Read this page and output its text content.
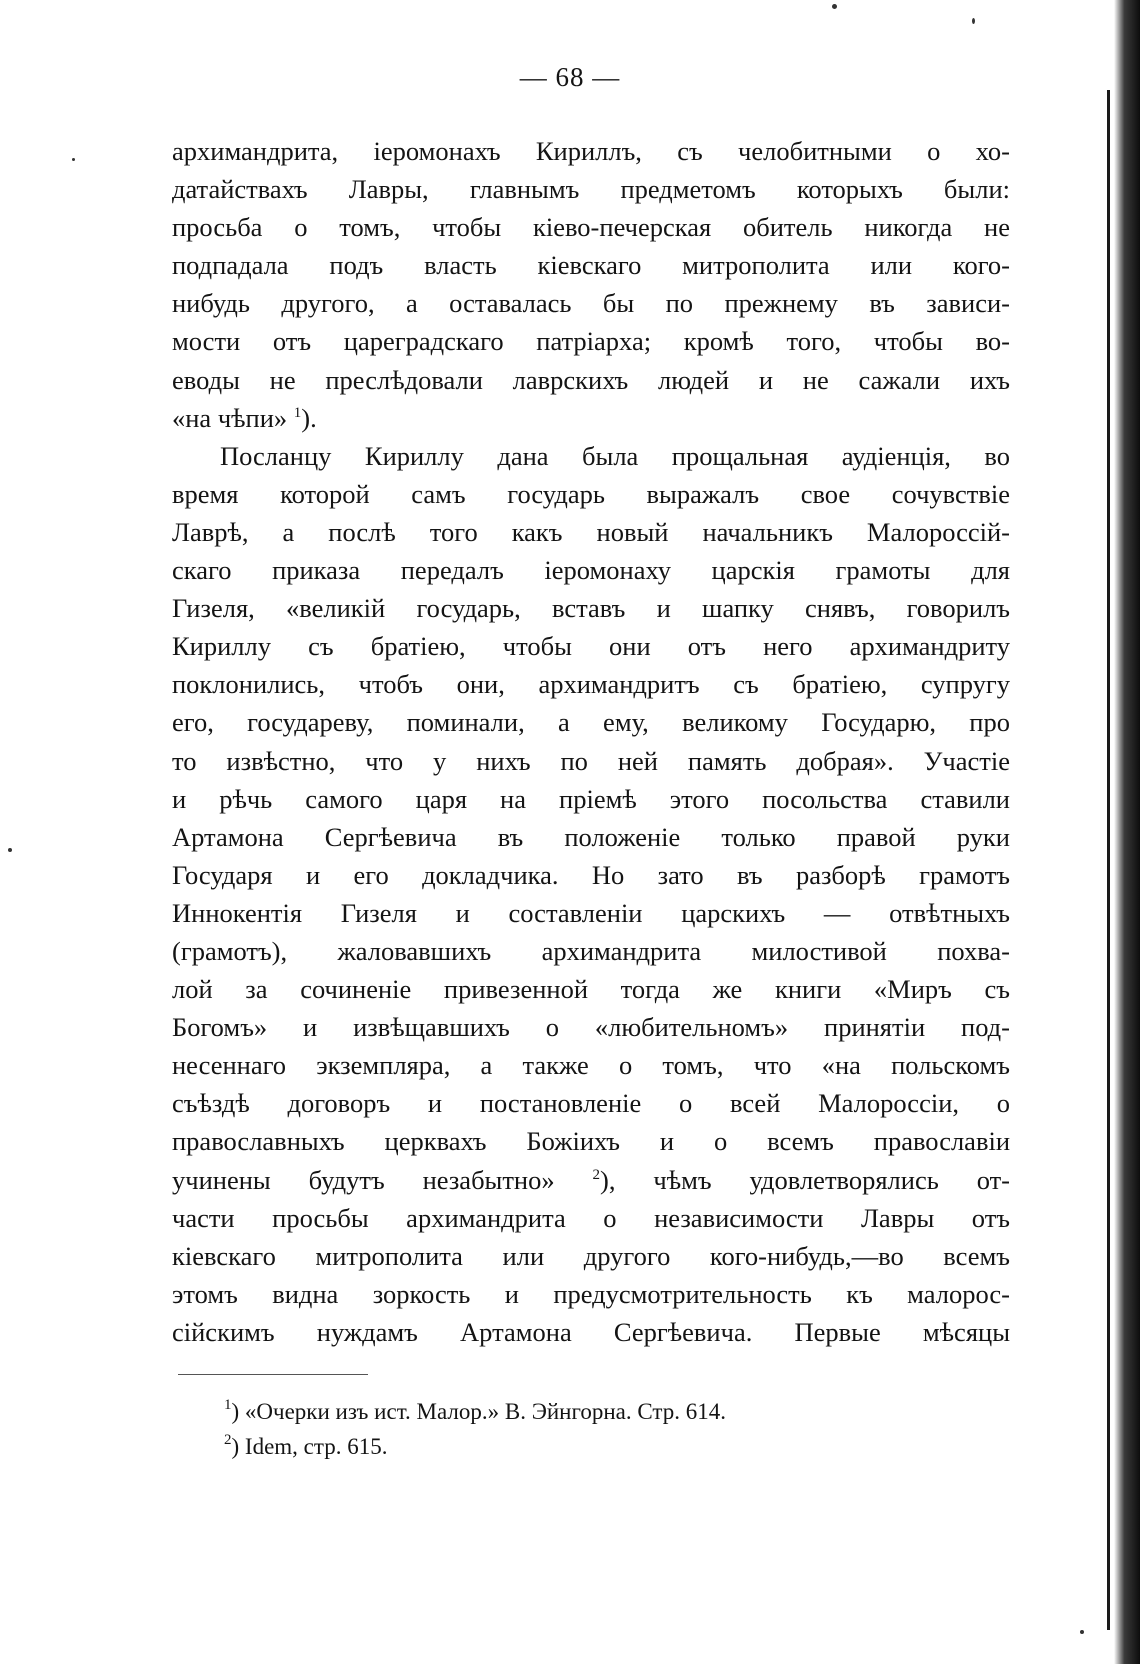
— 68 —
архимандрита, іеромонахъ Кириллъ, съ челобитными о хо-
датайствахъ Лавры, главнымъ предметомъ которыхъ были:
просьба о томъ, чтобы кіево-печерская обитель никогда не
подпадала подъ власть кіевскаго митрополита или кого-
нибудь другого, а оставалась бы по прежнему въ зависи-
мости отъ цареградскаго патріарха; кромѣ того, чтобы во-
еводы не преслѣдовали лаврскихъ людей и не сажали ихъ
«на чѣпи» $^1$).
Посланцу Кириллу дана была прощальная аудіенція, во
время которой самъ государь выражалъ свое сочувствіе
Лаврѣ, а послѣ того какъ новый начальникъ Малороссій-
скаго приказа передалъ іеромонаху царскія грамоты для
Гизеля, «великій государь, вставъ и шапку снявъ, говорилъ
Кириллу съ братіею, чтобы они отъ него архимандриту
поклонились, чтобъ они, архимандритъ съ братіею, супругу
его, государеву, поминали, а ему, великому Государю, про
то извѣстно, что у нихъ по ней память добрая». Участіе
и рѣчь самого царя на пріемѣ этого посольства ставили
Артамона Сергѣевича въ положеніе только правой руки
Государя и его докладчика. Но зато въ разборѣ грамотъ
Иннокентія Гизеля и составленіи царскихъ — отвѣтныхъ
(грамотъ), жаловавшихъ архимандрита милостивой похва-
лой за сочиненіе привезенной тогда же книги «Миръ съ
Богомъ» и извѣщавшихъ о «любительномъ» принятіи под-
несеннаго экземпляра, а также о томъ, что «на польскомъ
съѣздѣ договоръ и постановленіе о всей Малороссіи, о
православныхъ церквахъ Божіихъ и о всемъ православіи
учинены будутъ незабытно» $^2$), чѣмъ удовлетворялись от-
части просьбы архимандрита о независимости Лавры отъ
кіевскаго митрополита или другого кого-нибудь,—во всемъ
этомъ видна зоркость и предусмотрительность къ малорос-
сійскимъ нуждамъ Артамона Сергѣевича. Первые мѣсяцы
$^1$) «Очерки изъ ист. Малор.» В. Эйнгорна. Стр. 614.
$^2$) Idem, стр. 615.
